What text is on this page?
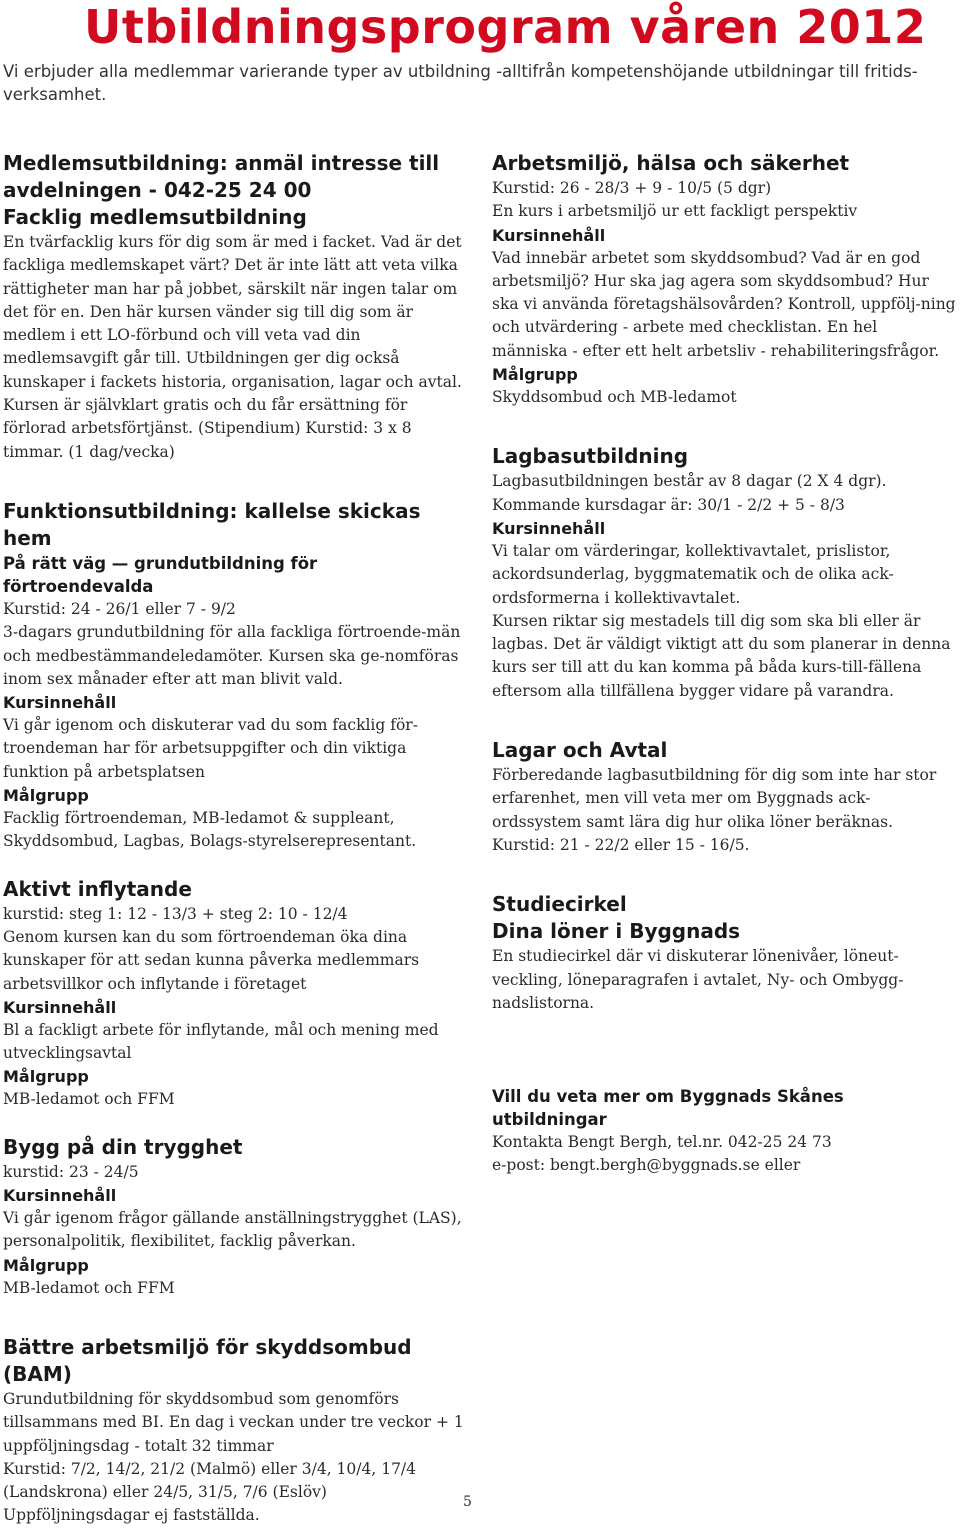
Utbildningsprogram våren 2012

Vi erbjuder alla medlemmar varierande typer av utbildning -alltifrån kompetenshöjande utbildningar till fritids-verksamhet.

Medlemsutbildning: anmäl intresse till
avdelningen - 042-25 24 00
Facklig medlemsutbildning
En tvärfacklig kurs för dig som är med i facket. Vad är det fackliga medlemskapet värt? Det är inte lätt att veta vilka rättigheter man har på jobbet, särskilt när ingen talar om det för en. Den här kursen vänder sig till dig som är medlem i ett LO-förbund och vill veta vad din medlemsavgift går till. Utbildningen ger dig också kunskaper i fackets historia, organisation, lagar och avtal. Kursen är självklart gratis och du får ersättning för förlorad arbetsförtjänst. (Stipendium) Kurstid: 3 x 8 timmar. (1 dag/vecka)
Funktionsutbildning: kallelse skickas hem
På rätt väg — grundutbildning för förtroendevalda
Kurstid: 24 - 26/1 eller 7 - 9/2
3-dagars grundutbildning för alla fackliga förtroende-män och medbestämmandeledamöter. Kursen ska ge-nomföras inom sex månader efter att man blivit vald.
Kursinnehåll
Vi går igenom och diskuterar vad du som facklig för-troendeman har för arbetsuppgifter och din viktiga funktion på arbetsplatsen
Målgrupp
Facklig förtroendeman, MB-ledamot & suppleant, Skyddsombud, Lagbas, Bolags-styrelserepresentant.
Aktivt inflytande
kurstid: steg 1: 12 - 13/3 + steg 2: 10 - 12/4
Genom kursen kan du som förtroendeman öka dina kunskaper för att sedan kunna påverka medlemmars arbetsvillkor och inflytande i företaget
Kursinnehåll
Bl a fackligt arbete för inflytande, mål och mening med utvecklingsavtal
Målgrupp
MB-ledamot och FFM
Bygg på din trygghet
kurstid: 23 - 24/5
Kursinnehåll
Vi går igenom frågor gällande anställningstrygghet (LAS), personalpolitik, flexibilitet, facklig påverkan.
Målgrupp
MB-ledamot och FFM
Bättre arbetsmiljö för skyddsombud (BAM)
Grundutbildning för skyddsombud som genomförs tillsammans med BI. En dag i veckan under tre veckor + 1 uppföljningsdag - totalt 32 timmar
Kurstid: 7/2, 14/2, 21/2 (Malmö) eller 3/4, 10/4, 17/4 (Landskrona) eller 24/5, 31/5, 7/6 (Eslöv)
Uppföljningsdagar ej fastställda.
Arbetsmiljö, hälsa och säkerhet
Kurstid: 26 - 28/3 + 9 - 10/5 (5 dgr)
En kurs i arbetsmiljö ur ett fackligt perspektiv
Kursinnehåll
Vad innebär arbetet som skyddsombud? Vad är en god arbetsmiljö? Hur ska jag agera som skyddsombud? Hur ska vi använda företagshälsovården? Kontroll, uppfölj-ning och utvärdering - arbete med checklistan. En hel människa - efter ett helt arbetsliv - rehabiliteringsfrågor.
Målgrupp
Skyddsombud och MB-ledamot
Lagbasutbildning
Lagbasutbildningen består av 8 dagar (2 X 4 dgr). Kommande kursdagar är: 30/1 - 2/2 + 5 - 8/3
Kursinnehåll
Vi talar om värderingar, kollektivavtalet, prislistor, ackordsunderlag, byggmatematik och de olika ack-ordsformerna i kollektivavtalet.
Kursen riktar sig mestadels till dig som ska bli eller är lagbas. Det är väldigt viktigt att du som planerar in denna kurs ser till att du kan komma på båda kurs-till-fällena eftersom alla tillfällena bygger vidare på varandra.
Lagar och Avtal
Förberedande lagbasutbildning för dig som inte har stor erfarenhet, men vill veta mer om Byggnads ack-ordssystem samt lära dig hur olika löner beräknas. Kurstid: 21 - 22/2 eller 15 - 16/5.
Studiecirkel
Dina löner i Byggnads
En studiecirkel där vi diskuterar lönenivåer, löneut-veckling, löneparagrafen i avtalet, Ny- och Ombygg-nadslistorna.
Vill du veta mer om Byggnads Skånes utbildningar
Kontakta Bengt Bergh, tel.nr. 042-25 24 73
e-post: bengt.bergh@byggnads.se eller
5
